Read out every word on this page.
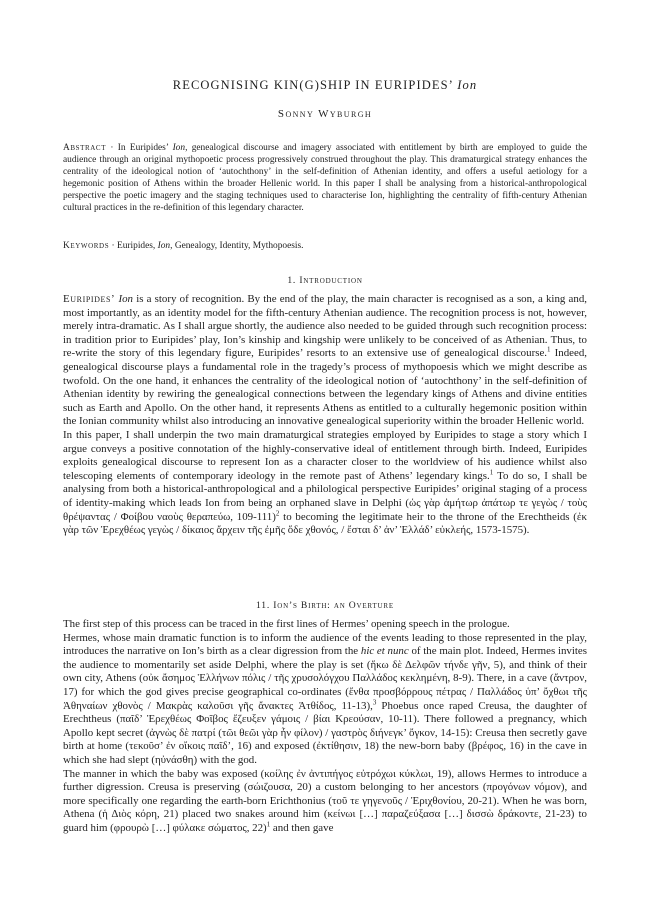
RECOGNISING KIN(G)SHIP IN EURIPIDES’ Ion
Sonny Wyburgh
Abstract · In Euripides’ Ion, genealogical discourse and imagery associated with entitlement by birth are employed to guide the audience through an original mythopoetic process progressively construed throughout the play. This dramaturgical strategy enhances the centrality of the ideological notion of ‘autochthony’ in the self-definition of Athenian identity, and offers a useful aetiology for a hegemonic position of Athens within the broader Hellenic world. In this paper I shall be analysing from a historical-anthropological perspective the poetic imagery and the staging techniques used to characterise Ion, highlighting the centrality of fifth-century Athenian cultural practices in the re-definition of this legendary character.
Keywords · Euripides, Ion, Genealogy, Identity, Mythopoesis.
1. Introduction

Euripides’ Ion is a story of recognition. By the end of the play, the main character is recognised as a son, a king and, most importantly, as an identity model for the fifth-century Athenian audience. The recognition process is not, however, merely intra-dramatic. As I shall argue shortly, the audience also needed to be guided through such recognition process: in tradition prior to Euripides’ play, Ion’s kinship and kingship were unlikely to be conceived of as Athenian. Thus, to re-write the story of this legendary figure, Euripides’ resorts to an extensive use of genealogical discourse.$^1$ Indeed, genealogical discourse plays a fundamental role in the tragedy’s process of mythopoesis which we might describe as twofold. On the one hand, it enhances the centrality of the ideological notion of ‘autochthony’ in the self-definition of Athenian identity by rewiring the genealogical connections between the legendary kings of Athens and divine entities such as Earth and Apollo. On the other hand, it represents Athens as entitled to a culturally hegemonic position within the Ionian community whilst also introducing an innovative genealogical superiority within the broader Hellenic world.

In this paper, I shall underpin the two main dramaturgical strategies employed by Euripides to stage a story which I argue conveys a positive connotation of the highly-conservative ideal of entitlement through birth. Indeed, Euripides exploits genealogical discourse to represent Ion as a character closer to the worldview of his audience whilst also telescoping elements of contemporary ideology in the remote past of Athens’ legendary kings.$^1$ To do so, I shall be analysing from both a historical-anthropological and a philological perspective Euripides’ original staging of a process of identity-making which leads Ion from being an orphaned slave in Delphi (ὡς γὰρ ἀμήτωρ ἀπάτωρ τε γεγὼς / τοὺς θρέψαντας / Φοίβου ναοὺς θεραπεύω, 109-111)$^2$ to becoming the legitimate heir to the throne of the Erechtheids (ἐκ γὰρ τῶν Ἐρεχθέως γεγὼς / δίκαιος ἄρχειν τῆς ἐμῆς ὅδε χθονός, / ἔσται δ’ ἀν’ Ἑλλάδ’ εὐκλεής, 1573-1575).

11. Ion’s Birth: an Overture

The first step of this process can be traced in the first lines of Hermes’ opening speech in the prologue.

Hermes, whose main dramatic function is to inform the audience of the events leading to those represented in the play, introduces the narrative on Ion’s birth as a clear digression from the hic et nunc of the main plot. Indeed, Hermes invites the audience to momentarily set aside Delphi, where the play is set (ἥκω δὲ Δελφῶν τήνδε γῆν, 5), and think of their own city, Athens (οὐκ ἄσημος Ἑλλήνων πόλις / τῆς χρυσολόγχου Παλλάδος κεκλημένη, 8-9). There, in a cave (ἄντρον, 17) for which the god gives precise geographical co-ordinates (ἔνθα προσβόρρους πέτρας / Παλλάδος ὑπ’ ὄχθωι τῆς Ἀθηναίων χθονὸς / Μακρὰς καλοῦσι γῆς ἄνακτες Ἀτθίδος, 11-13),$^3$ Phoebus once raped Creusa, the daughter of Erechtheus (παῖδ’ Ἐρεχθέως Φοῖβος ἔζευξεν γάμοις / βίαι Κρεούσαν, 10-11). There followed a pregnancy, which Apollo kept secret (ἀγνὼς δὲ πατρί (τῶι θεῶι γὰρ ἦν φίλον) / γαστρὸς διήνεγκ’ ὄγκον, 14-15): Creusa then secretly gave birth at home (τεκοῦσ’ ἐν οἴκοις παῖδ’, 16) and exposed (ἐκτίθησιν, 18) the new-born baby (βρέφος, 16) in the cave in which she had slept (ηὐνάσθη) with the god.

The manner in which the baby was exposed (κοίλης ἐν ἀντιπήγος εὐτρόχωι κύκλωι, 19), allows Hermes to introduce a further digression. Creusa is preserving (σώιζουσα, 20) a custom belonging to her ancestors (προγόνων νόμον), and more specifically one regarding the earth-born Erichthonius (τοῦ τε γηγενοῦς / Ἐριχθονίου, 20-21). When he was born, Athena (ἡ Διὸς κόρη, 21) placed two snakes around him (κείνωι […] παραζεύξασα […] δισσὼ δράκοντε, 21-23) to guard him (φρουρὼ […] φύλακε σώματος, 22)$^1$ and then gave
